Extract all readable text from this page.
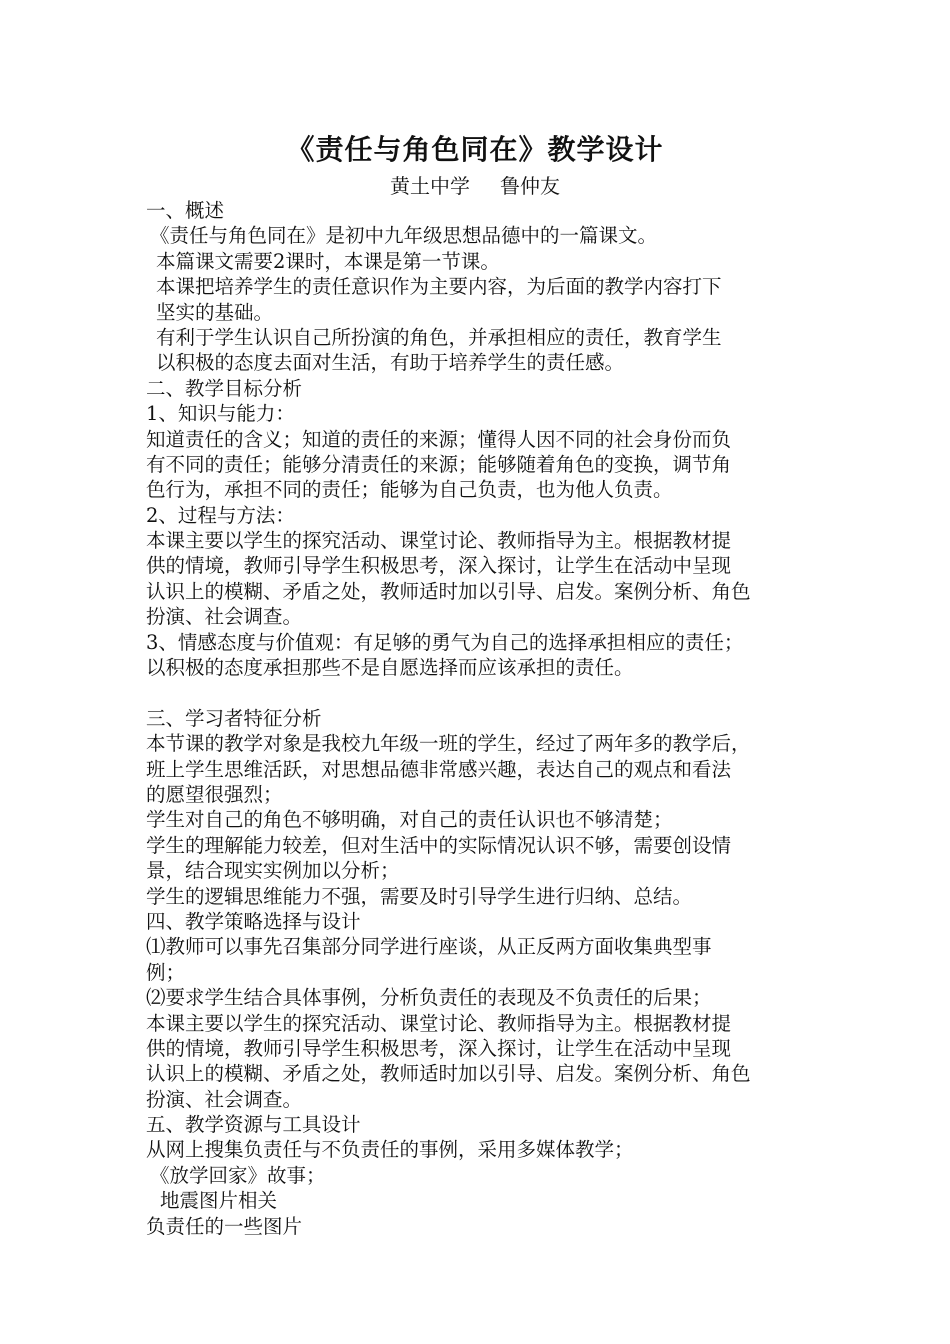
《责任与角色同在》教学设计
黄土中学 鲁仲友
一、概述
《责任与角色同在》是初中九年级思想品德中的一篇课文。
本篇课文需要2课时，本课是第一节课。
本课把培养学生的责任意识作为主要内容，为后面的教学内容打下
坚实的基础。
有利于学生认识自己所扮演的角色，并承担相应的责任，教育学生
以积极的态度去面对生活，有助于培养学生的责任感。
二、教学目标分析
1、知识与能力：
知道责任的含义；知道的责任的来源；懂得人因不同的社会身份而负
有不同的责任；能够分清责任的来源；能够随着角色的变换，调节角
色行为，承担不同的责任；能够为自己负责，也为他人负责。
2、过程与方法：
本课主要以学生的探究活动、课堂讨论、教师指导为主。根据教材提
供的情境，教师引导学生积极思考，深入探讨，让学生在活动中呈现
认识上的模糊、矛盾之处，教师适时加以引导、启发。案例分析、角色
扮演、社会调查。
3、情感态度与价值观：有足够的勇气为自己的选择承担相应的责任；
以积极的态度承担那些不是自愿选择而应该承担的责任。
三、学习者特征分析
本节课的教学对象是我校九年级一班的学生，经过了两年多的教学后，
班上学生思维活跃，对思想品德非常感兴趣，表达自己的观点和看法
的愿望很强烈；
学生对自己的角色不够明确，对自己的责任认识也不够清楚；
学生的理解能力较差，但对生活中的实际情况认识不够，需要创设情
景，结合现实实例加以分析；
学生的逻辑思维能力不强，需要及时引导学生进行归纳、总结。
四、教学策略选择与设计
⑴教师可以事先召集部分同学进行座谈，从正反两方面收集典型事
例；
⑵要求学生结合具体事例，分析负责任的表现及不负责任的后果；
本课主要以学生的探究活动、课堂讨论、教师指导为主。根据教材提
供的情境，教师引导学生积极思考，深入探讨，让学生在活动中呈现
认识上的模糊、矛盾之处，教师适时加以引导、启发。案例分析、角色
扮演、社会调查。
五、教学资源与工具设计
从网上搜集负责任与不负责任的事例，采用多媒体教学；
《放学回家》故事；
地震图片相关
负责任的一些图片
